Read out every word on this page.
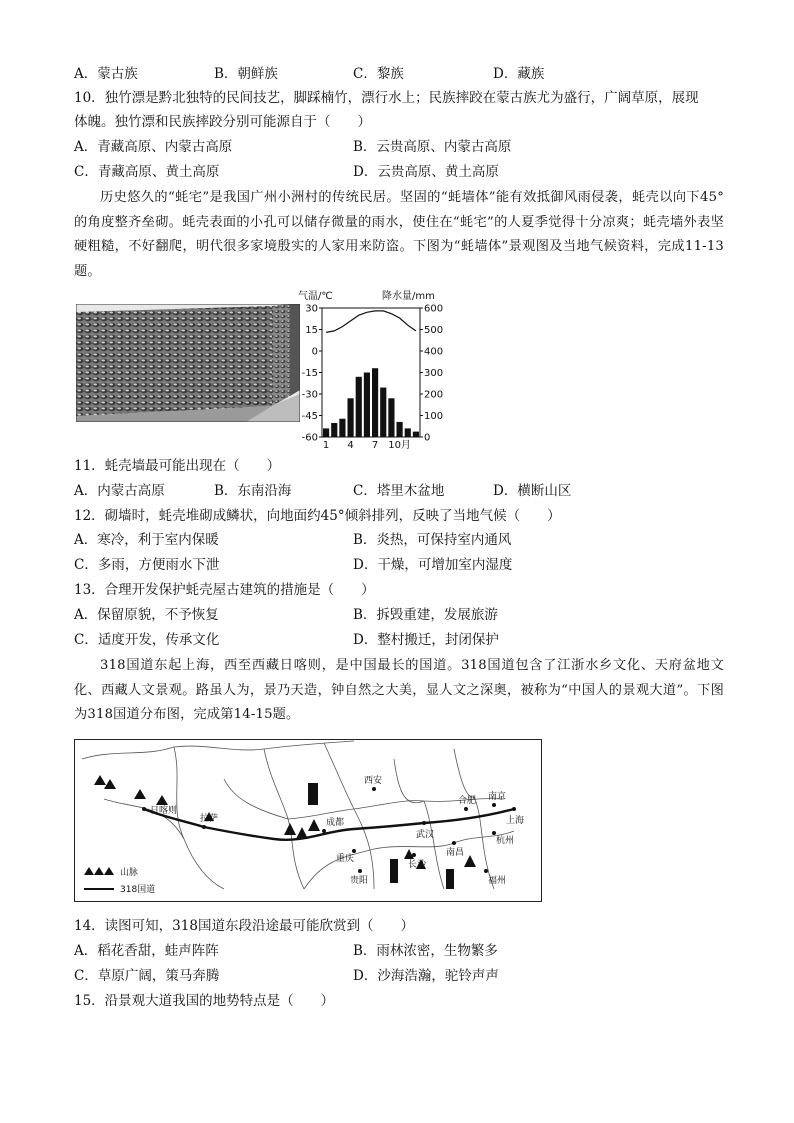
A．蒙古族	B．朝鲜族	C．黎族	D．藏族
10．独竹漂是黔北独特的民间技艺，脚踩楠竹，漂行水上；民族摔跤在蒙古族尤为盛行，广阔草原，展现
体魄。独竹漂和民族摔跤分别可能源自于（　　）
A．青藏高原、内蒙古高原	B．云贵高原、内蒙古高原
C．青藏高原、黄土高原	D．云贵高原、黄土高原
历史悠久的“蚝宅”是我国广州小洲村的传统民居。坚固的“蚝墙体”能有效抵御风雨侵袭，蚝壳以向下45°的角度整齐垒砌。蚝壳表面的小孔可以储存微量的雨水，使住在“蚝宅”的人夏季觉得十分凉爽；蚝壳墙外表坚硬粗糙，不好翻爬，明代很多家境殷实的人家用来防盗。下图为“蚝墙体”景观图及当地气候资料，完成11-13题。
气温/℃	降水量/mm
30
15
0
-15
-30
-45
-60
600
500
400
300
200
100
0
1 4 7 10月
11．蚝壳墙最可能出现在（　　）
A．内蒙古高原	B．东南沿海	C．塔里木盆地	D．横断山区
12．砌墙时，蚝壳堆砌成鳞状，向地面约45°倾斜排列，反映了当地气候（　　）
A．寒冷，利于室内保暖	B．炎热，可保持室内通风
C．多雨，方便雨水下泄	D．干燥，可增加室内湿度
13．合理开发保护蚝壳屋古建筑的措施是（　　）
A．保留原貌，不予恢复	B．拆毁重建，发展旅游
C．适度开发，传承文化	D．整村搬迁，封闭保护
318国道东起上海，西至西藏日喀则，是中国最长的国道。318国道包含了江浙水乡文化、天府盆地文化、西藏人文景观。路虽人为，景乃天造，钟自然之大美，显人文之深奥，被称为“中国人的景观大道”。下图为318国道分布图，完成第14-15题。
日喀则
拉萨	成都
重庆
西安
武汉
合肥 南京
上海
杭州
南昌
长沙
贵阳	福州
山脉
318国道
14．读图可知，318国道东段沿途最可能欣赏到（　　）
A．稻花香甜，蛙声阵阵	B．雨林浓密，生物繁多
C．草原广阔，策马奔腾	D．沙海浩瀚，驼铃声声
15．沿景观大道我国的地势特点是（　　）
